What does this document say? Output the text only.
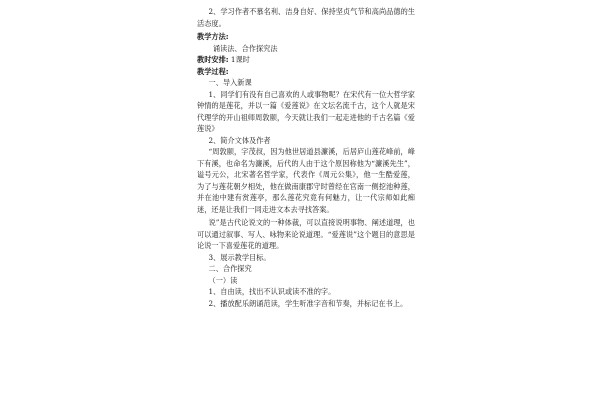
2、学习作者不慕名利、洁身自好、保持坚贞气节和高尚品德的生活态度。

教学方法:

诵读法、合作探究法

教时安排: 1课时

教学过程:

一、导入新课

1、同学们有没有自己喜欢的人或事物呢？在宋代有一位大哲学家钟情的是莲花，并以一篇《爱莲说》在文坛名流千古，这个人就是宋代理学的开山祖师周敦颐，今天就让我们一起走进他的千古名篇《爱莲说》

2、简介文体及作者

“周敦颐，字茂叔，因为他世居道县濂溪，后居庐山莲花峰前，峰下有溪，也命名为濂溪，后代的人由于这个原因称他为“濂溪先生”，谥号元公，北宋著名哲学家，代表作《周元公集》，他一生酷爱莲，为了与莲花朝夕相处，他在做南康郡守时曾经在官南一侧挖池种莲，并在池中建有赏莲亭，那么莲花究竟有何魅力，让一代宗师如此痴迷，还是让我们一同走进文本去寻找答案。

说”是古代论说文的一种体裁，可以直接说明事物、阐述道理，也可以通过叙事、写人、咏物来论说道理。“爱莲说”这个题目的意思是论说一下喜爱莲花的道理。

3、展示教学目标。

二、合作探究

（一）读

1、自由读，找出不认识或读不准的字。

2、播放配乐朗诵范读，学生听准字音和节奏，并标记在书上。
